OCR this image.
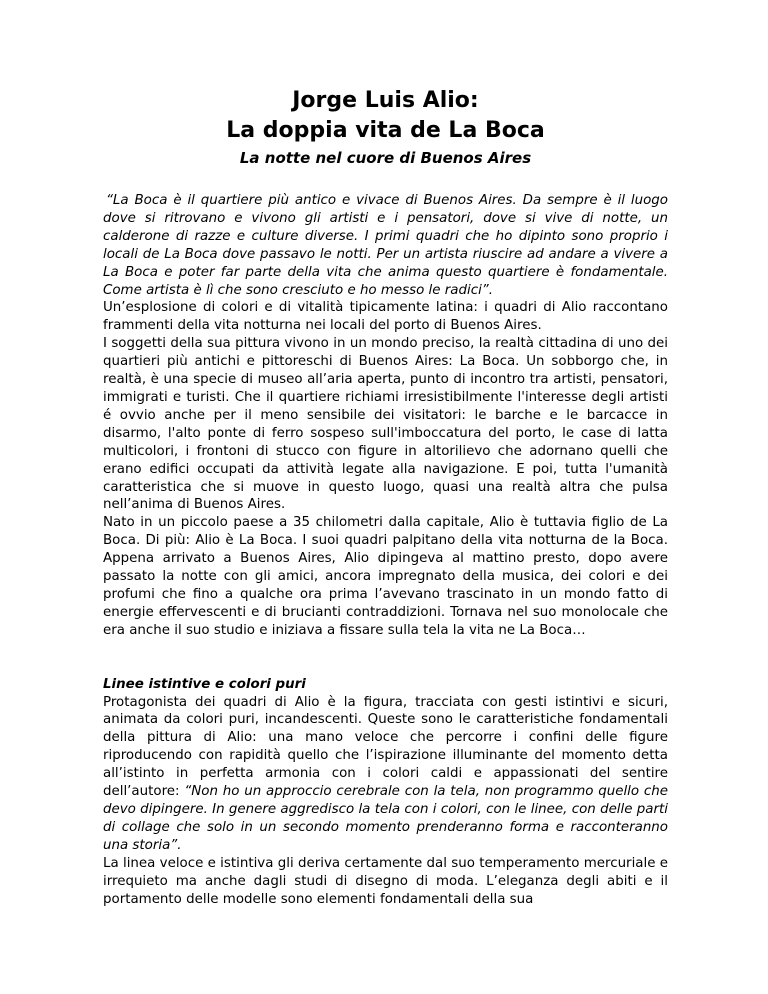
Jorge Luis Alio:
La doppia vita de La Boca
La notte nel cuore di Buenos Aires

“La Boca è il quartiere più antico e vivace di Buenos Aires. Da sempre è il luogo dove si ritrovano e vivono gli artisti e i pensatori, dove si vive di notte, un calderone di razze e culture diverse. I primi quadri che ho dipinto sono proprio i locali de La Boca dove passavo le notti. Per un artista riuscire ad andare a vivere a La Boca e poter far parte della vita che anima questo quartiere è fondamentale. Come artista è lì che sono cresciuto e ho messo le radici”.

Un’esplosione di colori e di vitalità tipicamente latina: i quadri di Alio raccontano frammenti della vita notturna nei locali del porto di Buenos Aires.

I soggetti della sua pittura vivono in un mondo preciso, la realtà cittadina di uno dei quartieri più antichi e pittoreschi di Buenos Aires: La Boca. Un sobborgo che, in realtà, è una specie di museo all’aria aperta, punto di incontro tra artisti, pensatori, immigrati e turisti. Che il quartiere richiami irresistibilmente l'interesse degli artisti é ovvio anche per il meno sensibile dei visitatori: le barche e le barcacce in disarmo, l'alto ponte di ferro sospeso sull'imboccatura del porto, le case di latta multicolori, i frontoni di stucco con figure in altorilievo che adornano quelli che erano edifici occupati da attività legate alla navigazione. E poi, tutta l'umanità caratteristica che si muove in questo luogo, quasi una realtà altra che pulsa nell’anima di Buenos Aires.

Nato in un piccolo paese a 35 chilometri dalla capitale, Alio è tuttavia figlio de La Boca. Di più: Alio è La Boca. I suoi quadri palpitano della vita notturna de la Boca. Appena arrivato a Buenos Aires, Alio dipingeva al mattino presto, dopo avere passato la notte con gli amici, ancora impregnato della musica, dei colori e dei profumi che fino a qualche ora prima l’avevano trascinato in un mondo fatto di energie effervescenti e di brucianti contraddizioni. Tornava nel suo monolocale che era anche il suo studio e iniziava a fissare sulla tela la vita ne La Boca…

Linee istintive e colori puri

Protagonista dei quadri di Alio è la figura, tracciata con gesti istintivi e sicuri, animata da colori puri, incandescenti. Queste sono le caratteristiche fondamentali della pittura di Alio: una mano veloce che percorre i confini delle figure riproducendo con rapidità quello che l’ispirazione illuminante del momento detta all’istinto in perfetta armonia con i colori caldi e appassionati del sentire dell’autore: “Non ho un approccio cerebrale con la tela, non programmo quello che devo dipingere. In genere aggredisco la tela con i colori, con le linee, con delle parti di collage che solo in un secondo momento prenderanno forma e racconteranno una storia”.

La linea veloce e istintiva gli deriva certamente dal suo temperamento mercuriale e irrequieto ma anche dagli studi di disegno di moda. L’eleganza degli abiti e il portamento delle modelle sono elementi fondamentali della sua
